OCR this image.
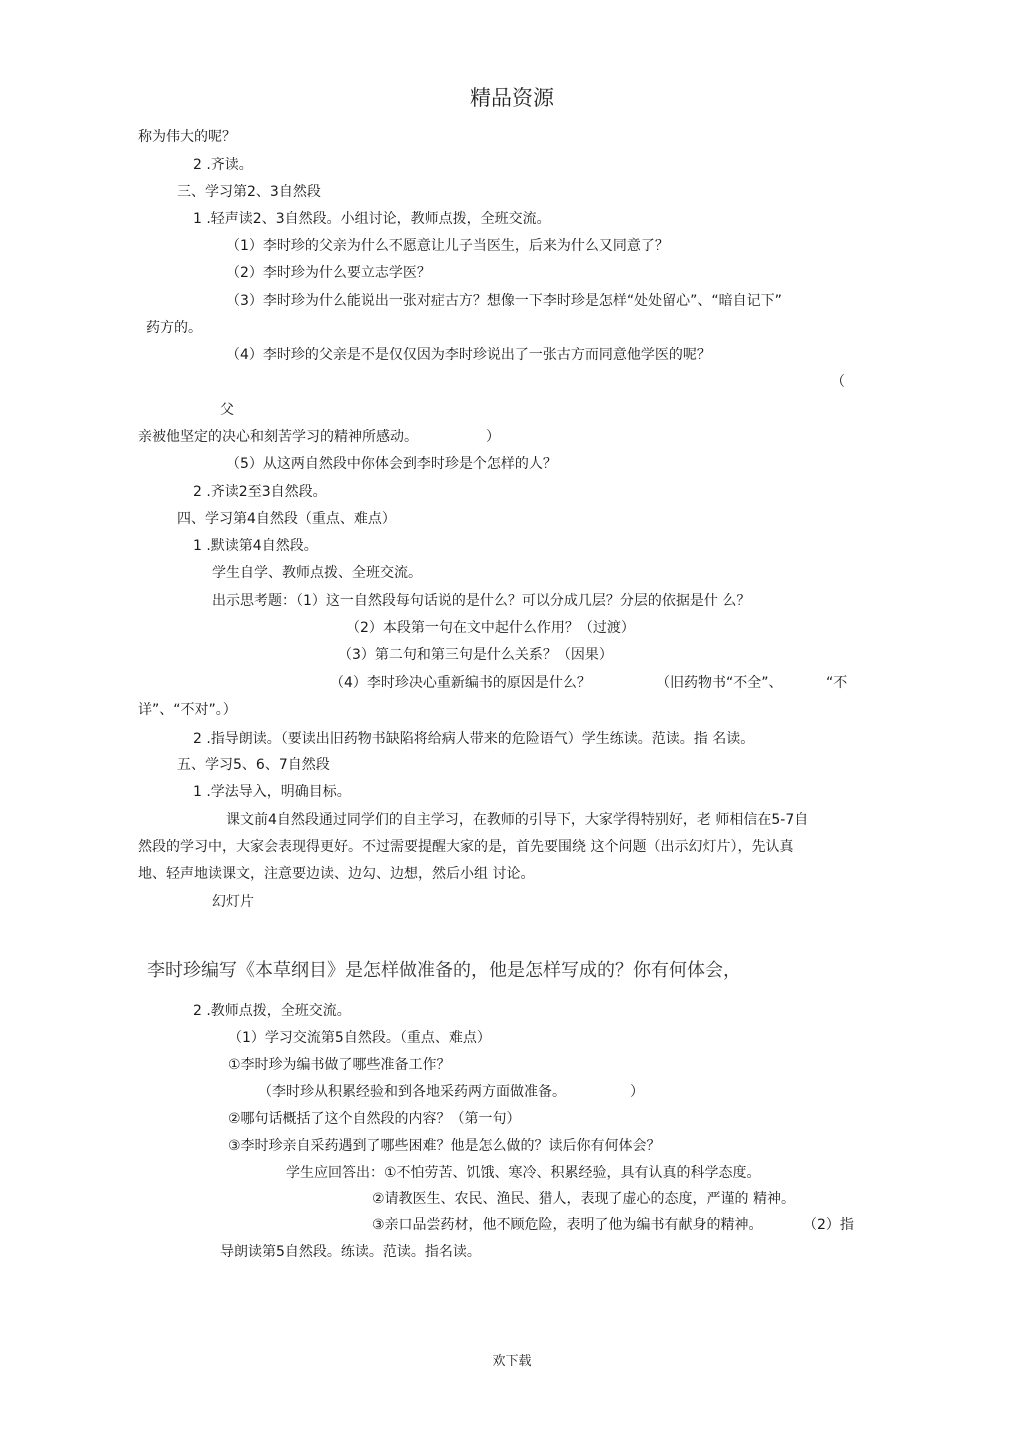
精品资源
称为伟大的呢？
2 .齐读。
三、学习第2、3自然段
1 .轻声读2、3自然段。小组讨论，教师点拨，全班交流。
（1）李时珍的父亲为什么不愿意让儿子当医生，后来为什么又同意了？
（2）李时珍为什么要立志学医？
（3）李时珍为什么能说出一张对症古方？想像一下李时珍是怎样“处处留心”、“暗自记下”
药方的。
（4）李时珍的父亲是不是仅仅因为李时珍说出了一张古方而同意他学医的呢？
（
父
亲被他坚定的决心和刻苦学习的精神所感动。	）
（5）从这两自然段中你体会到李时珍是个怎样的人？
2 .齐读2至3自然段。
四、学习第4自然段（重点、难点）
1 .默读第4自然段。
学生自学、教师点拨、全班交流。
出示思考题：（1）这一自然段每句话说的是什么？可以分成几层？分层的依据是什 么？
（2）本段第一句在文中起什么作用？（过渡）
（3）第二句和第三句是什么关系？（因果）
（4）李时珍决心重新编书的原因是什么？	（旧药物书“不全”、	“不
详”、“不对”。）
2 .指导朗读。（要读出旧药物书缺陷将给病人带来的危险语气）学生练读。范读。指 名读。
五、学习5、6、7自然段
1 .学法导入，明确目标。
课文前4自然段通过同学们的自主学习，在教师的引导下，大家学得特别好，老 师相信在5-7自
然段的学习中，大家会表现得更好。不过需要提醒大家的是，首先要围绕 这个问题（出示幻灯片），先认真
地、轻声地读课文，注意要边读、边勾、边想，然后小组 讨论。
幻灯片
李时珍编写《本草纲目》是怎样做准备的，他是怎样写成的？你有何体会，
2 .教师点拨，全班交流。
（1）学习交流第5自然段。（重点、难点）
①李时珍为编书做了哪些准备工作？
（李时珍从积累经验和到各地采药两方面做准备。	）
②哪句话概括了这个自然段的内容？（第一句）
③李时珍亲自采药遇到了哪些困难？他是怎么做的？读后你有何体会？
学生应回答出：①不怕劳苦、饥饿、寒冷、积累经验，具有认真的科学态度。
②请教医生、农民、渔民、猎人，表现了虚心的态度，严谨的 精神。
③亲口品尝药材，他不顾危险，表明了他为编书有献身的精神。	（2）指
导朗读第5自然段。练读。范读。指名读。
欢下载
